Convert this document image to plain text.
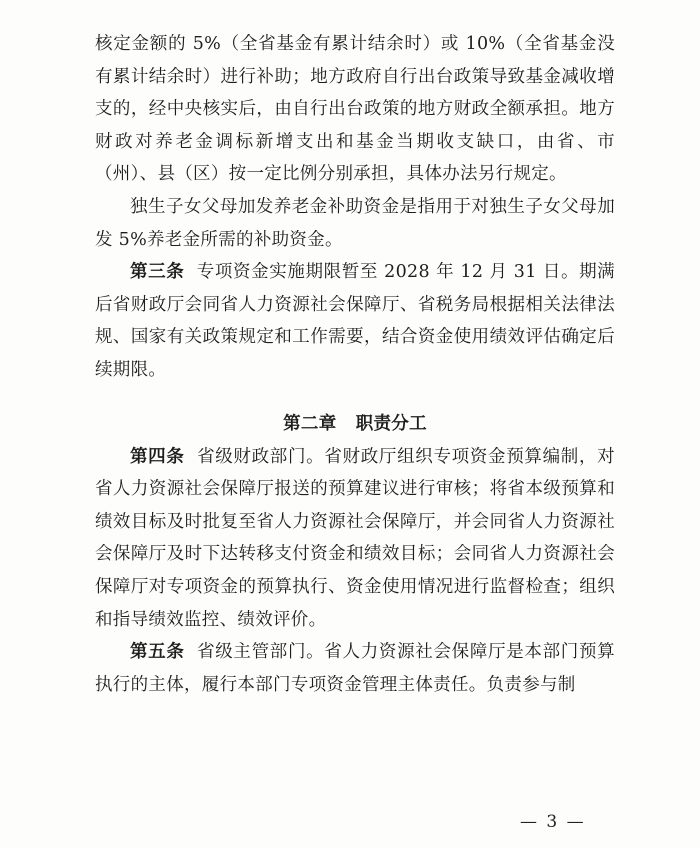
核定金额的 5%（全省基金有累计结余时）或 10%（全省基金没有累计结余时）进行补助；地方政府自行出台政策导致基金减收增支的，经中央核实后，由自行出台政策的地方财政全额承担。地方财政对养老金调标新增支出和基金当期收支缺口，由省、市（州）、县（区）按一定比例分别承担，具体办法另行规定。

独生子女父母加发养老金补助资金是指用于对独生子女父母加发 5%养老金所需的补助资金。

第三条 专项资金实施期限暂至 2028 年 12 月 31 日。期满后省财政厅会同省人力资源社会保障厅、省税务局根据相关法律法规、国家有关政策规定和工作需要，结合资金使用绩效评估确定后续期限。

第二章 职责分工

第四条 省级财政部门。省财政厅组织专项资金预算编制，对省人力资源社会保障厅报送的预算建议进行审核；将省本级预算和绩效目标及时批复至省人力资源社会保障厅，并会同省人力资源社会保障厅及时下达转移支付资金和绩效目标；会同省人力资源社会保障厅对专项资金的预算执行、资金使用情况进行监督检查；组织和指导绩效监控、绩效评价。

第五条 省级主管部门。省人力资源社会保障厅是本部门预算执行的主体，履行本部门专项资金管理主体责任。负责参与制

— 3 —
